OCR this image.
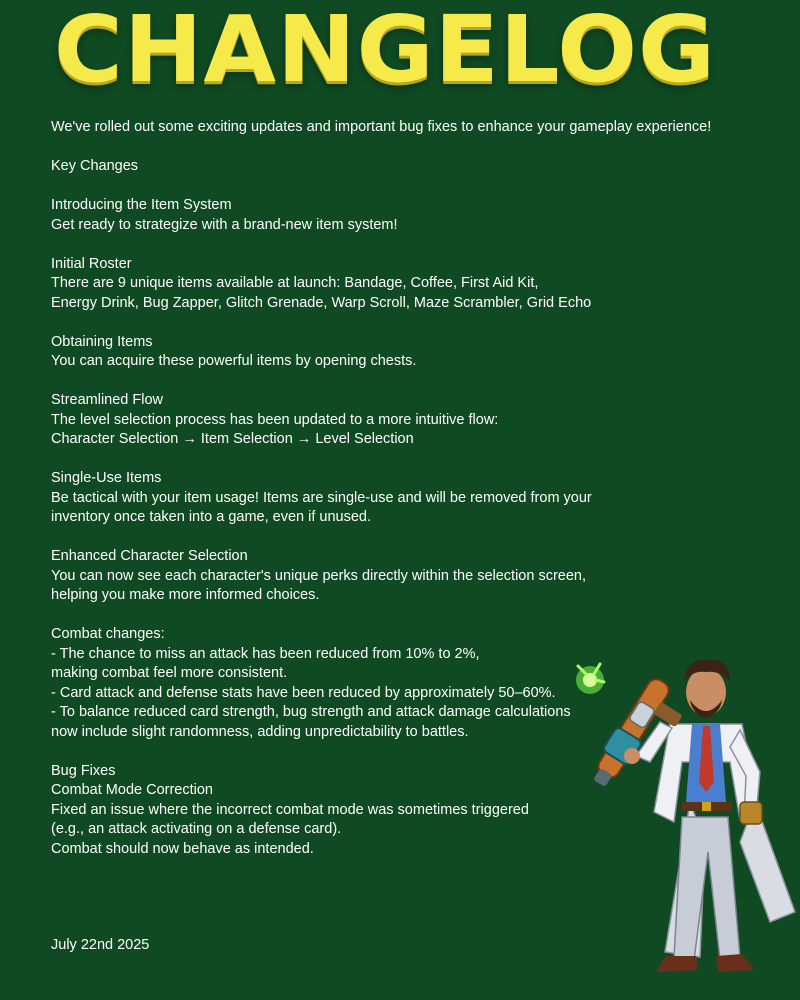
CHANGELOG
We've rolled out some exciting updates and important bug fixes to enhance your gameplay experience!
Key Changes
Introducing the Item System
Get ready to strategize with a brand-new item system!
Initial Roster
There are 9 unique items available at launch: Bandage, Coffee, First Aid Kit,
Energy Drink, Bug Zapper, Glitch Grenade, Warp Scroll, Maze Scrambler, Grid Echo
Obtaining Items
You can acquire these powerful items by opening chests.
Streamlined Flow
The level selection process has been updated to a more intuitive flow:
Character Selection → Item Selection → Level Selection
Single-Use Items
Be tactical with your item usage! Items are single-use and will be removed from your
inventory once taken into a game, even if unused.
Enhanced Character Selection
You can now see each character's unique perks directly within the selection screen,
helping you make more informed choices.
Combat changes:
- The chance to miss an attack has been reduced from 10% to 2%,
making combat feel more consistent.
- Card attack and defense stats have been reduced by approximately 50–60%.
- To balance reduced card strength, bug strength and attack damage calculations
now include slight randomness, adding unpredictability to battles.
Bug Fixes
Combat Mode Correction
Fixed an issue where the incorrect combat mode was sometimes triggered
(e.g., an attack activating on a defense card).
Combat should now behave as intended.
July 22nd 2025
